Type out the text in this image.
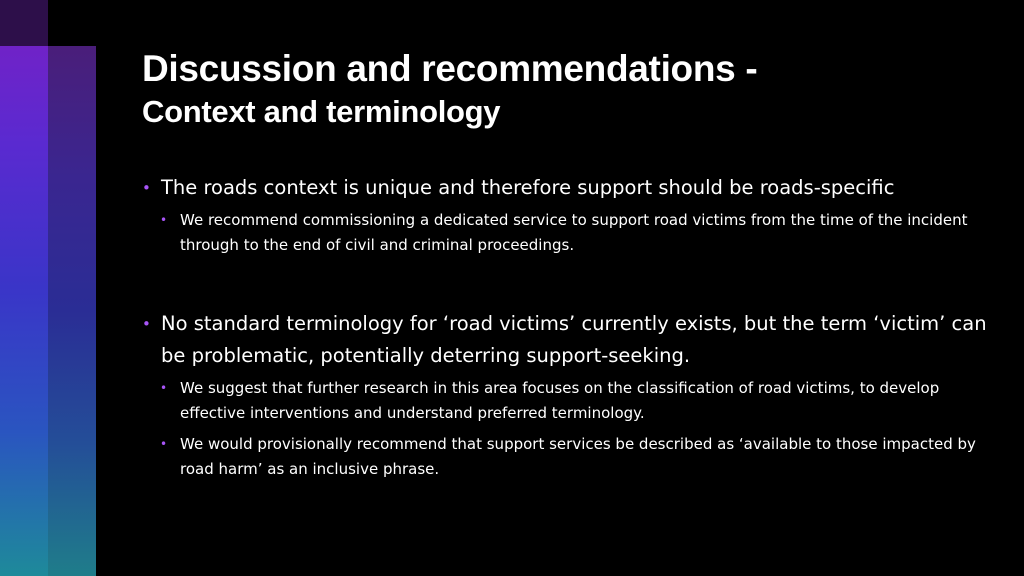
Discussion and recommendations -
Context and terminology
• The roads context is unique and therefore support should be roads-specific
• We recommend commissioning a dedicated service to support road victims from the time of the incident through to the end of civil and criminal proceedings.
• No standard terminology for ‘road victims’ currently exists, but the term ‘victim’ can be problematic, potentially deterring support-seeking.
• We suggest that further research in this area focuses on the classification of road victims, to develop effective interventions and understand preferred terminology.
• We would provisionally recommend that support services be described as ‘available to those impacted by road harm’ as an inclusive phrase.
